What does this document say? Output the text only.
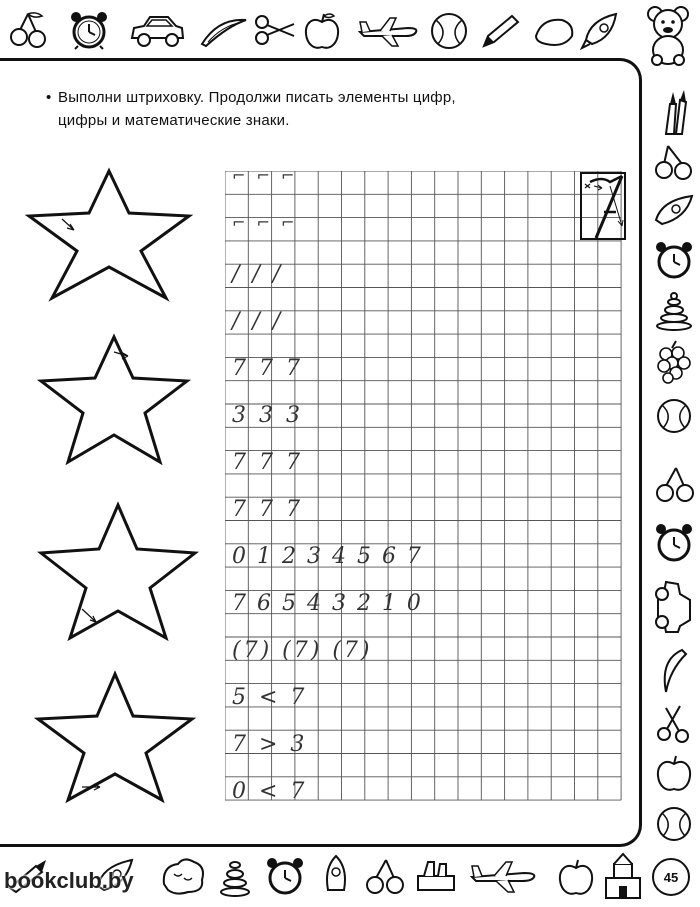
• Выполни штриховку. Продолжи писать элементы цифр,
цифры и математические знаки.
⌐ ⌐ ⌐
⌐ ⌐ ⌐
/ / /
/ / /
7 7 7
3 3 3
7 7 7
7 7 7
0 1 2 3 4 5 6 7
7 6 5 4 3 2 1 0
(7) (7) (7)
5 < 7
7 > 3
0 < 7
bookclub.by	45
